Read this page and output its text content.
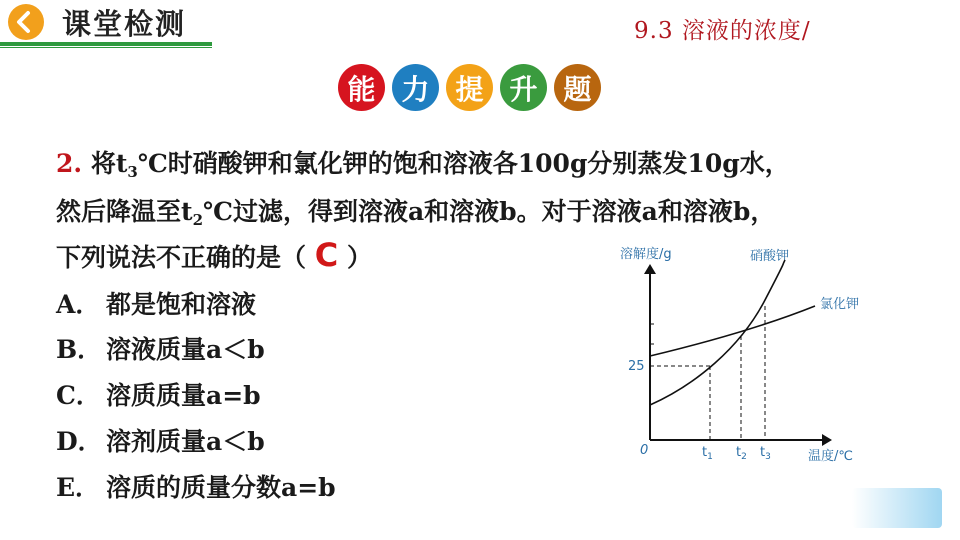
课堂检测	9.3 溶液的浓度/
能 力 提 升 题
2. 将$t_3℃$时硝酸钾和氯化钾的饱和溶液各100g分别蒸发10g水，
然后降温至$t_2℃$过滤，得到溶液a和溶液b。对于溶液a和溶液b，
下列说法不正确的是（ C ）
A． 都是饱和溶液
B． 溶液质量a＜b
C． 溶质质量a=b
D． 溶剂质量a＜b
E． 溶质的质量分数a=b
溶解度/g
温度/℃
0
25
硝酸钾
氯化钾
$t_1$ $t_2$ $t_3$
